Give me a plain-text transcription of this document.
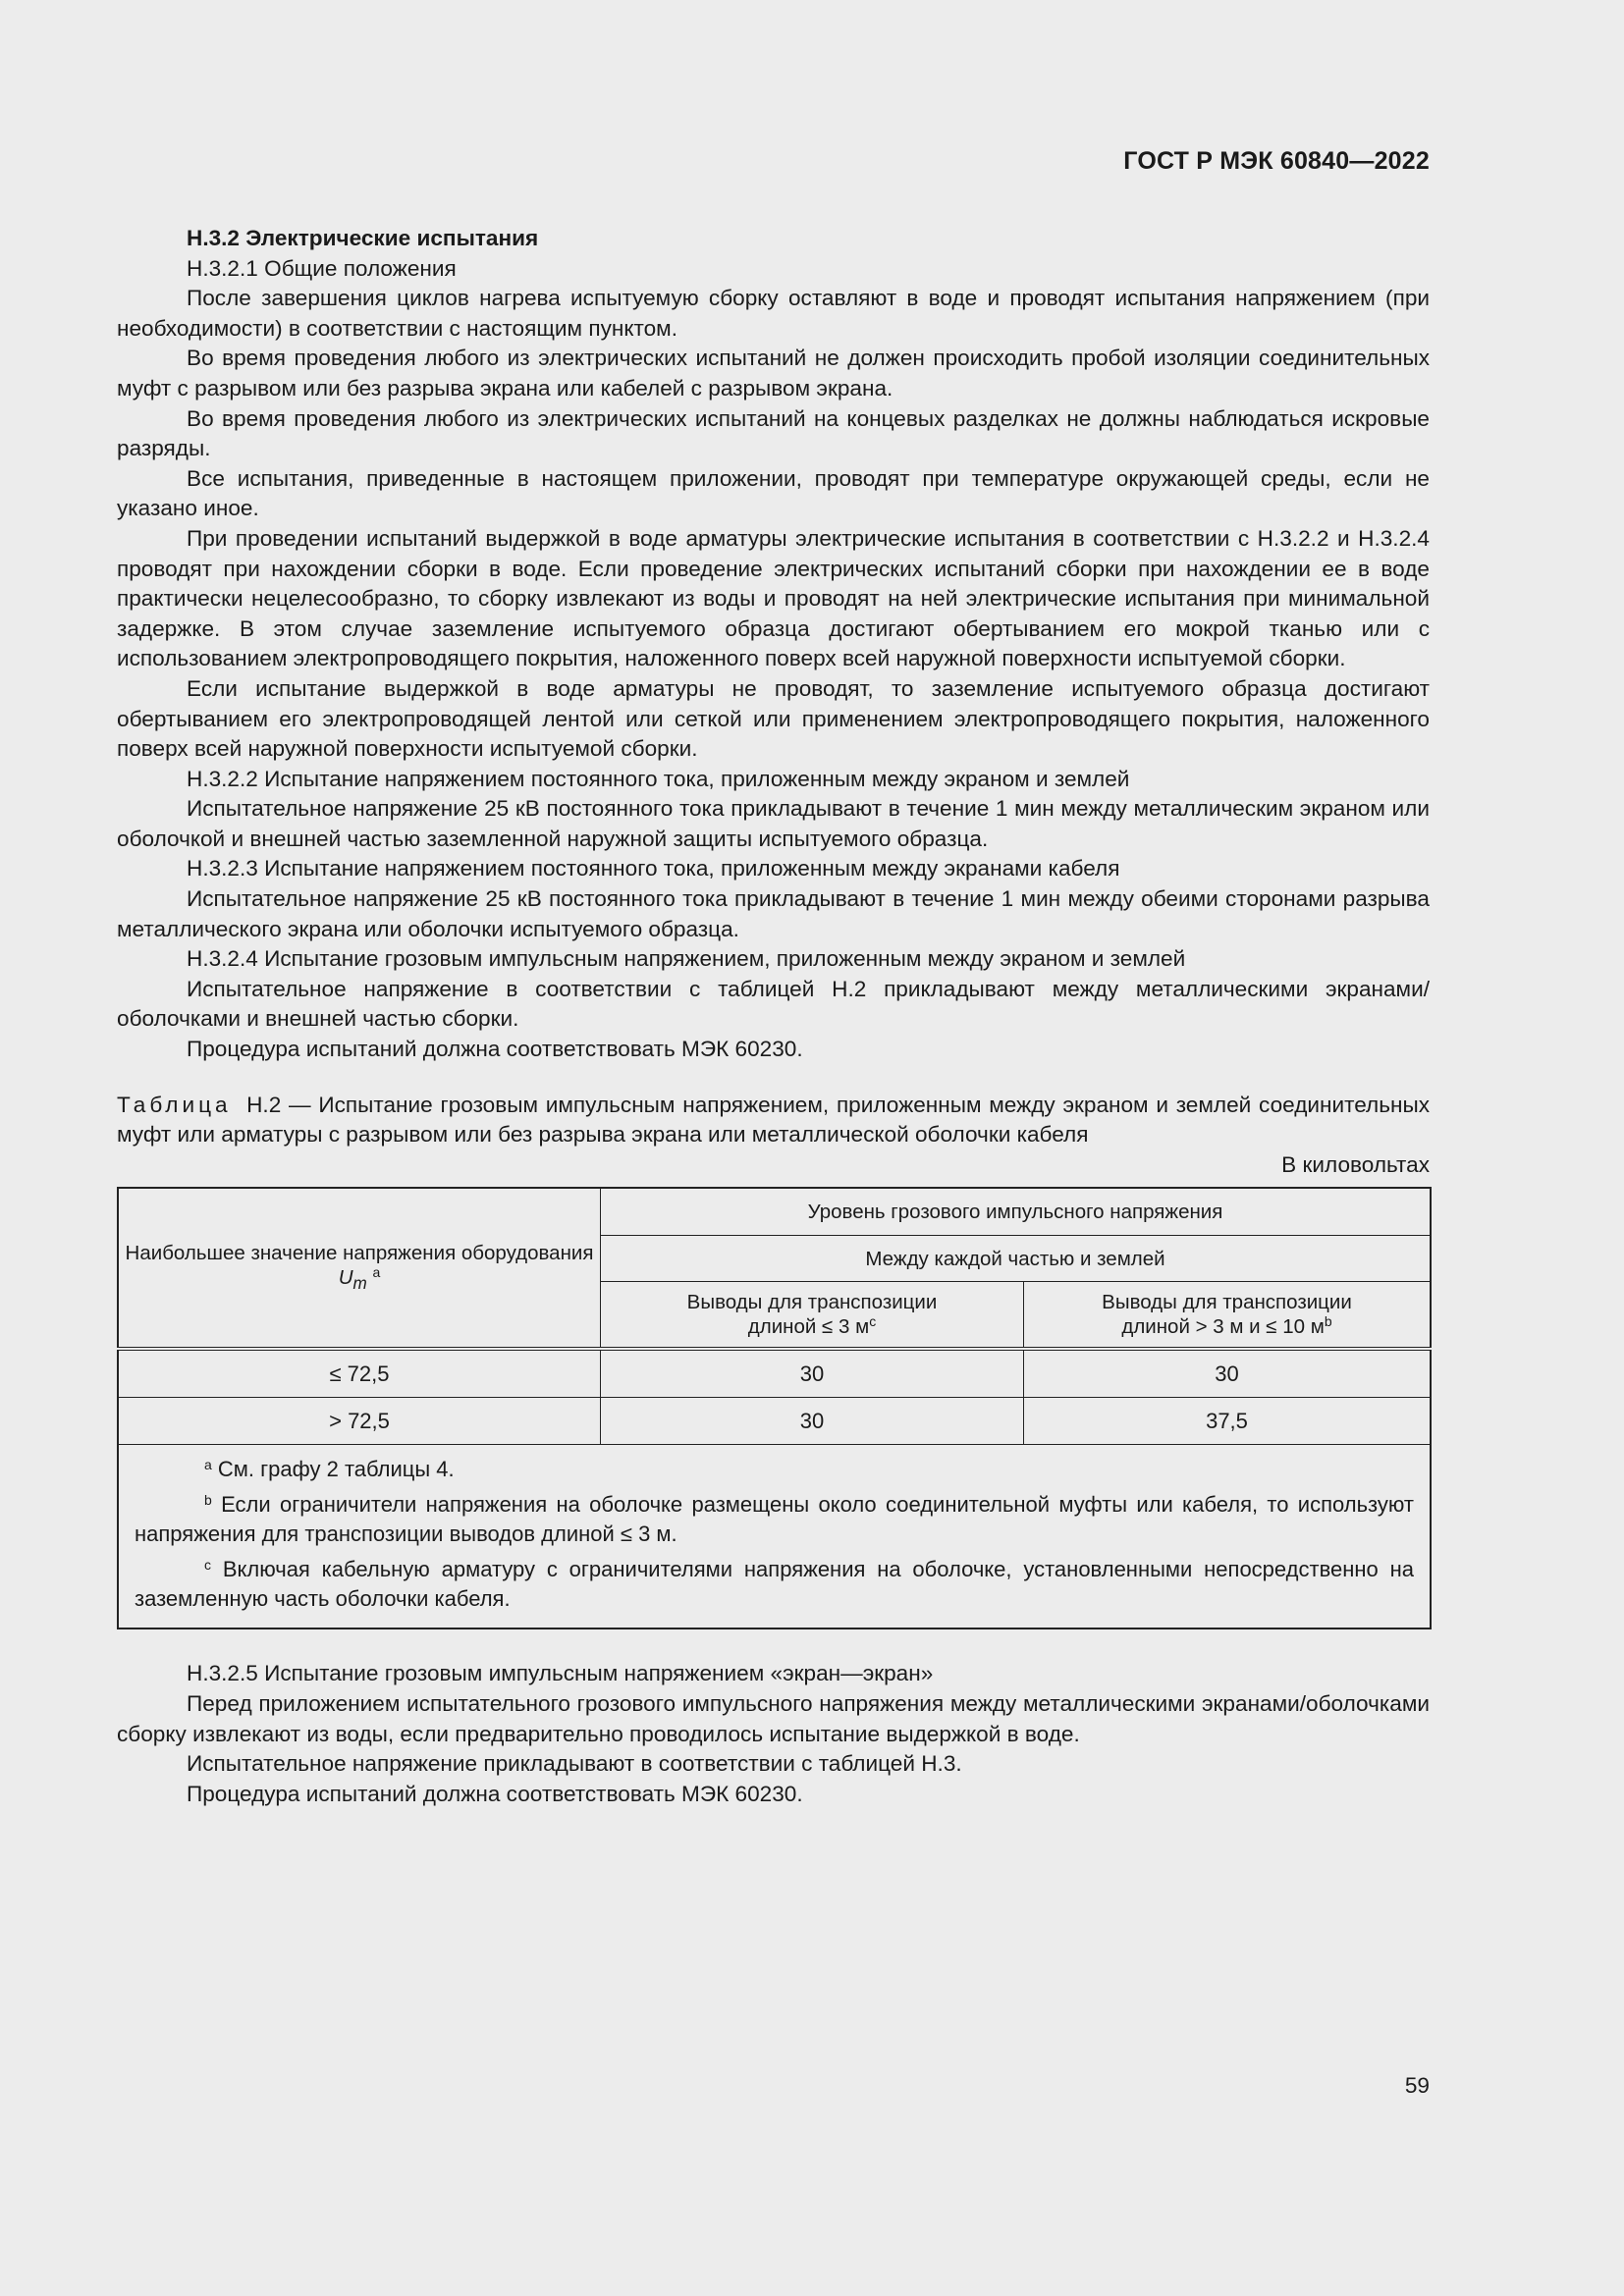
ГОСТ Р МЭК 60840—2022

Н.3.2 Электрические испытания

Н.3.2.1 Общие положения

После завершения циклов нагрева испытуемую сборку оставляют в воде и проводят испытания напряжением (при необходимости) в соответствии с настоящим пунктом.

Во время проведения любого из электрических испытаний не должен происходить пробой изоляции соединительных муфт с разрывом или без разрыва экрана или кабелей с разрывом экрана.

Во время проведения любого из электрических испытаний на концевых разделках не должны наблюдаться искровые разряды.

Все испытания, приведенные в настоящем приложении, проводят при температуре окружающей среды, если не указано иное.

При проведении испытаний выдержкой в воде арматуры электрические испытания в соответствии с Н.3.2.2 и Н.3.2.4 проводят при нахождении сборки в воде. Если проведение электрических испытаний сборки при нахождении ее в воде практически нецелесообразно, то сборку извлекают из воды и проводят на ней электрические испытания при минимальной задержке. В этом случае заземление испытуемого образца достигают обертыванием его мокрой тканью или с использованием электропроводящего покрытия, наложенного поверх всей наружной поверхности испытуемой сборки.

Если испытание выдержкой в воде арматуры не проводят, то заземление испытуемого образца достигают обертыванием его электропроводящей лентой или сеткой или применением электропроводящего покрытия, наложенного поверх всей наружной поверхности испытуемой сборки.

Н.3.2.2 Испытание напряжением постоянного тока, приложенным между экраном и землей

Испытательное напряжение 25 кВ постоянного тока прикладывают в течение 1 мин между металлическим экраном или оболочкой и внешней частью заземленной наружной защиты испытуемого образца.

Н.3.2.3 Испытание напряжением постоянного тока, приложенным между экранами кабеля

Испытательное напряжение 25 кВ постоянного тока прикладывают в течение 1 мин между обеими сторонами разрыва металлического экрана или оболочки испытуемого образца.

Н.3.2.4 Испытание грозовым импульсным напряжением, приложенным между экраном и землей

Испытательное напряжение в соответствии с таблицей Н.2 прикладывают между металлическими экранами/оболочками и внешней частью сборки.

Процедура испытаний должна соответствовать МЭК 60230.

Таблица Н.2 — Испытание грозовым импульсным напряжением, приложенным между экраном и землей соединительных муфт или арматуры с разрывом или без разрыва экрана или металлической оболочки кабеля

В киловольтах

Наибольшее значение напряжения оборудования $U_m$ $^a$	Уровень грозового импульсного напряжения	
	Между каждой частью и землей	
	Выводы для транспозиции
длиной ≤ 3 $м^c$	Выводы для транспозиции
длиной > 3 м и ≤ 10 $м^b$
≤ 72,5	30	30
> 72,5	30	37,5

$^a$ См. графу 2 таблицы 4.

$^b$ Если ограничители напряжения на оболочке размещены около соединительной муфты или кабеля, то используют напряжения для транспозиции выводов длиной ≤ 3 м.

$^c$ Включая кабельную арматуру с ограничителями напряжения на оболочке, установленными непосредственно на заземленную часть оболочки кабеля.		

Н.3.2.5 Испытание грозовым импульсным напряжением «экран—экран»

Перед приложением испытательного грозового импульсного напряжения между металлическими экранами/оболочками сборку извлекают из воды, если предварительно проводилось испытание выдержкой в воде.

Испытательное напряжение прикладывают в соответствии с таблицей Н.3.

Процедура испытаний должна соответствовать МЭК 60230.

59
